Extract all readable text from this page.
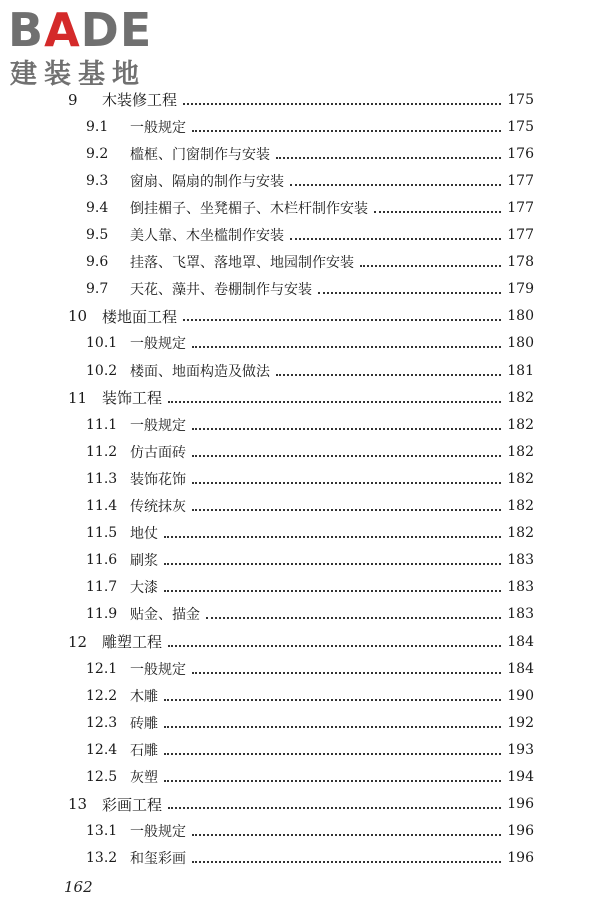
BADE
建装基地
9	木装修工程	175
9.1	一般规定	175
9.2	槛框、门窗制作与安装	176
9.3	窗扇、隔扇的制作与安装	177
9.4	倒挂楣子、坐凳楣子、木栏杆制作安装	177
9.5	美人靠、木坐槛制作安装	177
9.6	挂落、飞罩、落地罩、地园制作安装	178
9.7	天花、藻井、卷棚制作与安装	179
10 楼地面工程	180
10.1 一般规定	180
10.2 楼面、地面构造及做法	181
11 装饰工程	182
11.1 一般规定	182
11.2 仿古面砖	182
11.3 装饰花饰	182
11.4 传统抹灰	182
11.5 地仗	182
11.6 刷浆	183
11.7 大漆	183
11.9 贴金、描金	183
12 雕塑工程	184
12.1 一般规定	184
12.2 木雕	190
12.3 砖雕	192
12.4 石雕	193
12.5 灰塑	194
13 彩画工程	196
13.1 一般规定	196
13.2 和玺彩画	196
162
